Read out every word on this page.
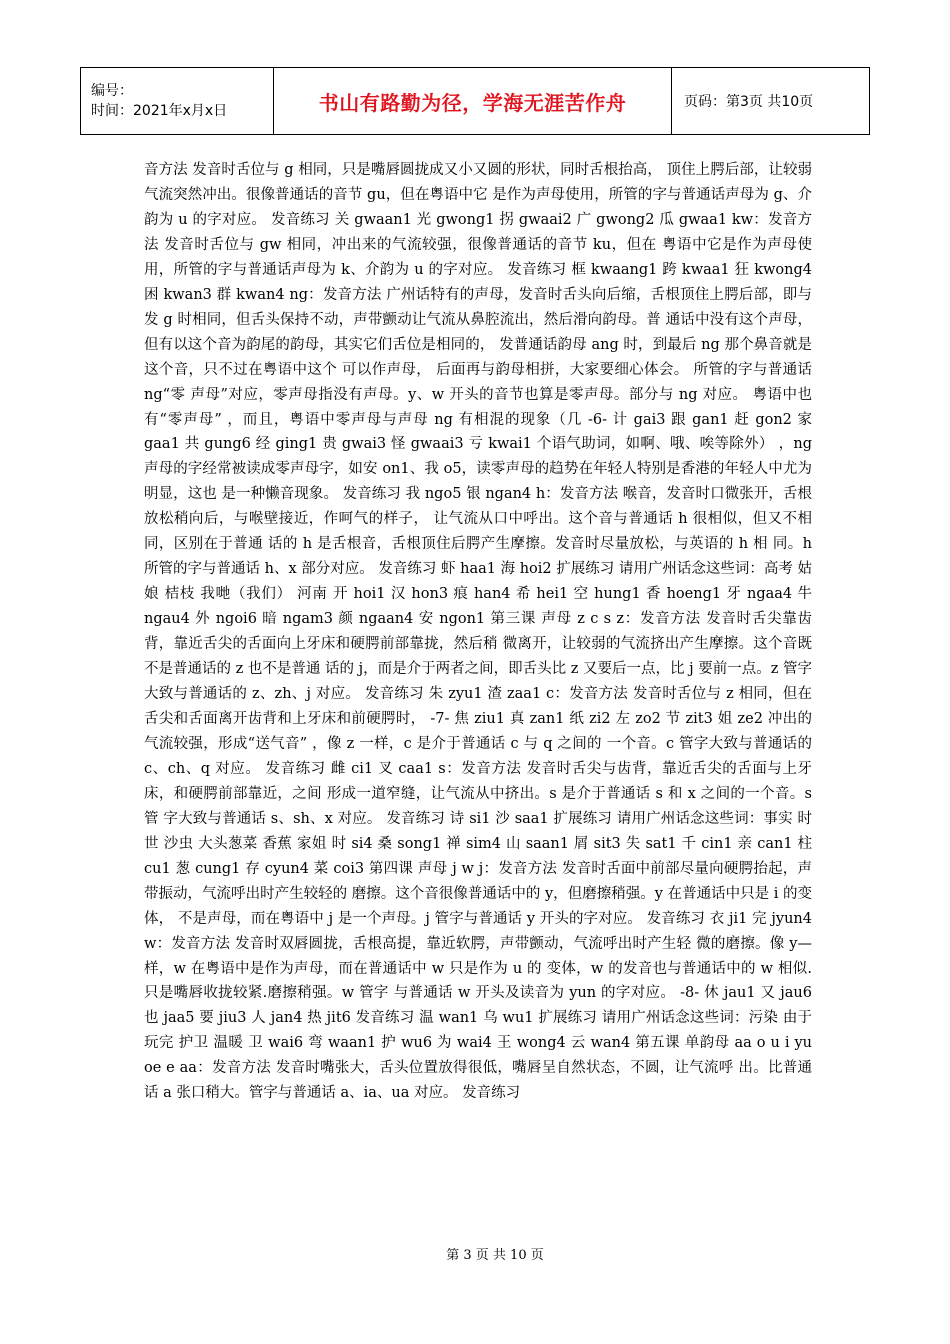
编号：
时间：2021年x月x日	书山有路勤为径，学海无涯苦作舟	页码：第3页 共10页

音方法 发音时舌位与 g 相同，只是嘴唇圆拢成又小又圆的形状，同时舌根抬高， 顶住上腭后部，让较弱气流突然冲出。很像普通话的音节 gu，但在粤语中它 是作为声母使用，所管的字与普通话声母为 g、介韵为 u 的字对应。 发音练习 关 gwaan1 光 gwong1 拐 gwaai2 广 gwong2 瓜 gwaa1 kw：发音方法 发音时舌位与 gw 相同，冲出来的气流较强，很像普通话的音节 ku，但在 粤语中它是作为声母使用，所管的字与普通话声母为 k、介韵为 u 的字对应。 发音练习 框 kwaang1 跨 kwaa1 狂 kwong4 困 kwan3 群 kwan4 ng：发音方法 广州话特有的声母，发音时舌头向后缩，舌根顶住上腭后部，即与发 g 时相同，但舌头保持不动，声带颤动让气流从鼻腔流出，然后滑向韵母。普 通话中没有这个声母，但有以这个音为韵尾的韵母，其实它们舌位是相同的， 发普通话韵母 ang 时，到最后 ng 那个鼻音就是这个音，只不过在粤语中这个 可以作声母， 后面再与韵母相拼，大家要细心体会。 所管的字与普通话 ng“零 声母”对应，零声母指没有声母。y、w 开头的音节也算是零声母。部分与 ng 对应。 粤语中也有“零声母” ，而且，粤语中零声母与声母 ng 有相混的现象（几 -6- 计 gai3 跟 gan1 赶 gon2 家 gaa1 共 gung6 经 ging1 贵 gwai3 怪 gwaai3 亏 kwai1 个语气助词，如啊、哦、唉等除外） ，ng 声母的字经常被读成零声母字，如安 on1、我 o5，读零声母的趋势在年轻人特别是香港的年轻人中尤为明显，这也 是一种懒音现象。 发音练习 我 ngo5 银 ngan4 h：发音方法 喉音，发音时口微张开，舌根放松稍向后，与喉壁接近，作呵气的样子， 让气流从口中呼出。这个音与普通话 h 很相似，但又不相同，区别在于普通 话的 h 是舌根音，舌根顶住后腭产生摩擦。发音时尽量放松，与英语的 h 相 同。h 所管的字与普通话 h、x 部分对应。 发音练习 虾 haa1 海 hoi2 扩展练习 请用广州话念这些词：高考 姑娘 桔枝 我哋（我们） 河南 开 hoi1 汉 hon3 痕 han4 希 hei1 空 hung1 香 hoeng1 牙 ngaa4 牛 ngau4 外 ngoi6 暗 ngam3 颜 ngaan4 安 ngon1 第三课 声母 z c s z：发音方法 发音时舌尖靠齿背，靠近舌尖的舌面向上牙床和硬腭前部靠拢，然后稍 微离开，让较弱的气流挤出产生摩擦。这个音既不是普通话的 z 也不是普通 话的 j，而是介于两者之间，即舌头比 z 又要后一点，比 j 要前一点。z 管字大致与普通话的 z、zh、j 对应。 发音练习 朱 zyu1 渣 zaa1 c：发音方法 发音时舌位与 z 相同，但在舌尖和舌面离开齿背和上牙床和前硬腭时， -7- 焦 ziu1 真 zan1 纸 zi2 左 zo2 节 zit3 姐 ze2 冲出的气流较强，形成“送气音” ，像 z 一样，c 是介于普通话 c 与 q 之间的 一个音。c 管字大致与普通话的 c、ch、q 对应。 发音练习 雌 ci1 叉 caa1 s：发音方法 发音时舌尖与齿背，靠近舌尖的舌面与上牙床，和硬腭前部靠近，之间 形成一道窄缝，让气流从中挤出。s 是介于普通话 s 和 x 之间的一个音。s 管 字大致与普通话 s、sh、x 对应。 发音练习 诗 si1 沙 saa1 扩展练习 请用广州话念这些词：事实 时世 沙虫 大头葱菜 香蕉 家姐 时 si4 桑 song1 禅 sim4 山 saan1 屑 sit3 失 sat1 千 cin1 亲 can1 柱 cu1 葱 cung1 存 cyun4 菜 coi3 第四课 声母 j w j：发音方法 发音时舌面中前部尽量向硬腭抬起，声带振动，气流呼出时产生较轻的 磨擦。这个音很像普通话中的 y，但磨擦稍强。y 在普通话中只是 i 的变体， 不是声母，而在粤语中 j 是一个声母。j 管字与普通话 y 开头的字对应。 发音练习 衣 ji1 完 jyun4 w：发音方法 发音时双唇圆拢，舌根高提，靠近软腭，声带颤动，气流呼出时产生轻 微的磨擦。像 y—样，w 在粤语中是作为声母，而在普通话中 w 只是作为 u 的 变体，w 的发音也与普通话中的 w 相似.只是嘴唇收拢较紧.磨擦稍强。w 管字 与普通话 w 开头及读音为 yun 的字对应。 -8- 休 jau1 又 jau6 也 jaa5 要 jiu3 人 jan4 热 jit6 发音练习 温 wan1 乌 wu1 扩展练习 请用广州话念这些词：污染 由于 玩完 护卫 温暖 卫 wai6 弯 waan1 护 wu6 为 wai4 王 wong4 云 wan4 第五课 单韵母 aa o u i yu oe e aa：发音方法 发音时嘴张大，舌头位置放得很低，嘴唇呈自然状态，不圆，让气流呼 出。比普通话 a 张口稍大。管字与普通话 a、ia、ua 对应。 发音练习

第 3 页 共 10 页
